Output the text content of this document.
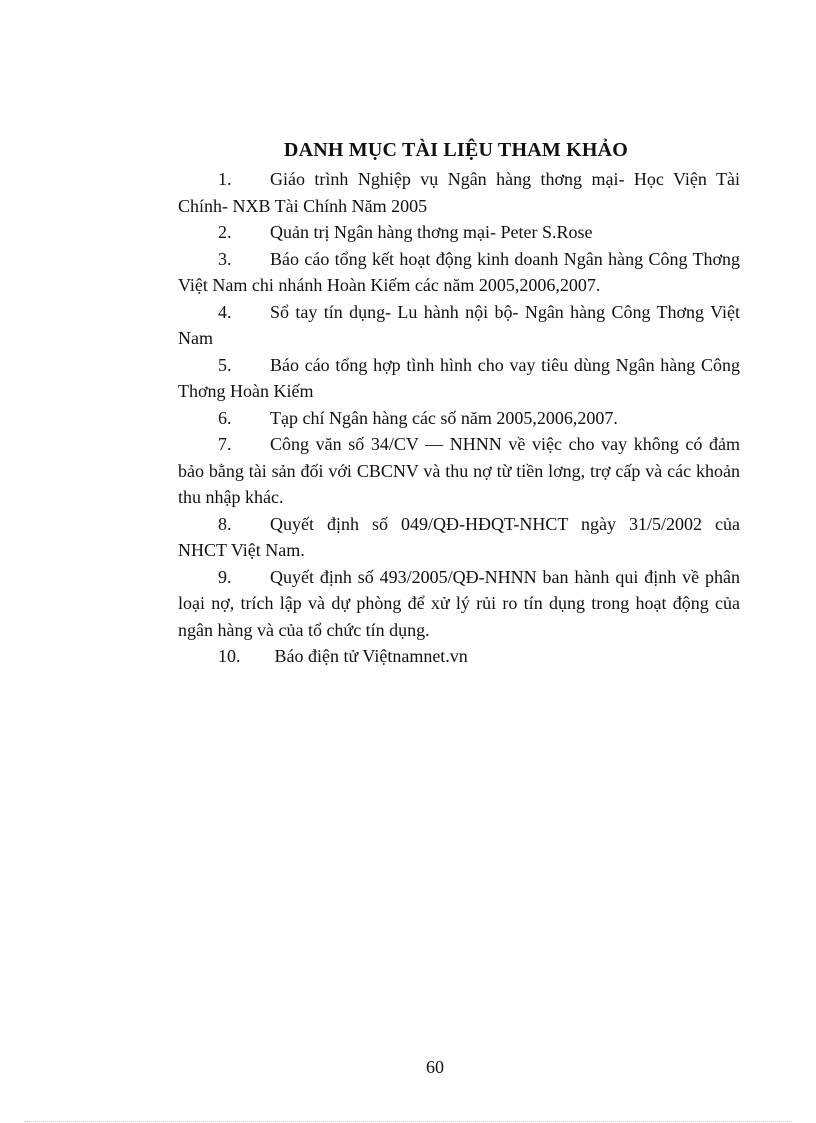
DANH MỤC TÀI LIỆU THAM KHẢO
1. Giáo trình Nghiệp vụ Ngân hàng thơng mại- Học Viện Tài Chính- NXB Tài Chính Năm 2005
2. Quản trị Ngân hàng thơng mại- Peter S.Rose
3. Báo cáo tổng kết hoạt động kinh doanh Ngân hàng Công Thơng Việt Nam chi nhánh Hoàn Kiếm các năm 2005,2006,2007.
4. Sổ tay tín dụng- Lu hành nội bộ- Ngân hàng Công Thơng Việt Nam
5. Báo cáo tổng hợp tình hình cho vay tiêu dùng Ngân hàng Công Thơng Hoàn Kiếm
6. Tạp chí Ngân hàng các số năm 2005,2006,2007.
7. Công văn số 34/CV — NHNN về việc cho vay không có đảm bảo bằng tài sản đối với CBCNV và thu nợ từ tiền lơng, trợ cấp và các khoản thu nhập khác.
8. Quyết định số 049/QĐ-HĐQT-NHCT ngày 31/5/2002 của NHCT Việt Nam.
9. Quyết định số 493/2005/QĐ-NHNN ban hành qui định về phân loại nợ, trích lập và dự phòng để xử lý rủi ro tín dụng trong hoạt động của ngân hàng và của tổ chức tín dụng.
10. Báo điện tử Việtnamnet.vn

60
